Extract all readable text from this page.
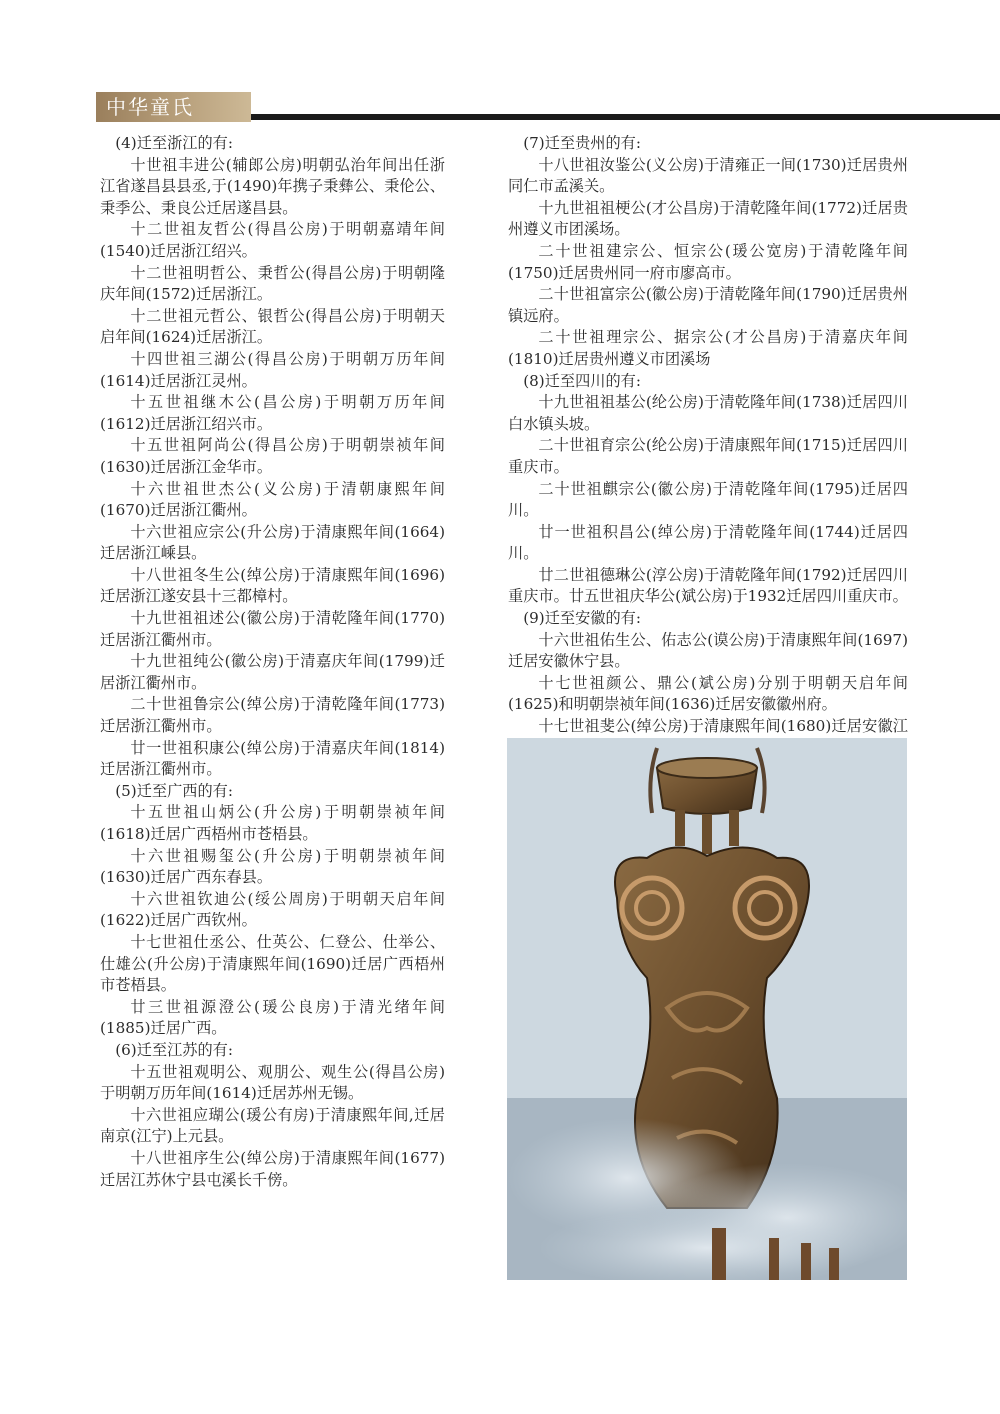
中华童氏

(4)迁至浙江的有:

十世祖丰进公(辅郎公房)明朝弘治年间出任浙江省遂昌县县丞,于(1490)年携子秉彝公、秉伦公、秉季公、秉良公迁居遂昌县。

十二世祖友哲公(得昌公房)于明朝嘉靖年间(1540)迁居浙江绍兴。

十二世祖明哲公、秉哲公(得昌公房)于明朝隆庆年间(1572)迁居浙江。

十二世祖元哲公、银哲公(得昌公房)于明朝天启年间(1624)迁居浙江。

十四世祖三湖公(得昌公房)于明朝万历年间(1614)迁居浙江灵州。

十五世祖继木公(昌公房)于明朝万历年间(1612)迁居浙江绍兴市。

十五世祖阿尚公(得昌公房)于明朝崇祯年间(1630)迁居浙江金华市。

十六世祖世杰公(义公房)于清朝康熙年间(1670)迁居浙江衢州。

十六世祖应宗公(升公房)于清康熙年间(1664)迁居浙江嵊县。

十八世祖冬生公(绰公房)于清康熙年间(1696)迁居浙江遂安县十三都樟村。

十九世祖祖述公(徽公房)于清乾隆年间(1770)迁居浙江衢州市。

十九世祖纯公(徽公房)于清嘉庆年间(1799)迁居浙江衢州市。

二十世祖鲁宗公(绰公房)于清乾隆年间(1773)迁居浙江衢州市。

廿一世祖积康公(绰公房)于清嘉庆年间(1814)迁居浙江衢州市。

(5)迁至广西的有:

十五世祖山炳公(升公房)于明朝崇祯年间(1618)迁居广西梧州市苍梧县。

十六世祖赐玺公(升公房)于明朝崇祯年间(1630)迁居广西东春县。

十六世祖钦迪公(绥公周房)于明朝天启年间(1622)迁居广西钦州。

十七世祖仕丞公、仕英公、仁登公、仕举公、仕雄公(升公房)于清康熙年间(1690)迁居广西梧州市苍梧县。

廿三世祖源澄公(瑗公良房)于清光绪年间(1885)迁居广西。

(6)迁至江苏的有:

十五世祖观明公、观朋公、观生公(得昌公房)于明朝万历年间(1614)迁居苏州无锡。

十六世祖应瑚公(瑗公有房)于清康熙年间,迁居南京(江宁)上元县。

十八世祖序生公(绰公房)于清康熙年间(1677)迁居江苏休宁县屯溪长千傍。

(7)迁至贵州的有:

十八世祖汝鉴公(义公房)于清雍正一间(1730)迁居贵州同仁市孟溪关。

十九世祖祖梗公(才公昌房)于清乾隆年间(1772)迁居贵州遵义市团溪场。

二十世祖建宗公、恒宗公(瑗公宽房)于清乾隆年间(1750)迁居贵州同一府市廖高市。

二十世祖富宗公(徽公房)于清乾隆年间(1790)迁居贵州镇远府。

二十世祖理宗公、据宗公(才公昌房)于清嘉庆年间(1810)迁居贵州遵义市团溪场

(8)迁至四川的有:

十九世祖祖基公(纶公房)于清乾隆年间(1738)迁居四川白水镇头坡。

二十世祖育宗公(纶公房)于清康熙年间(1715)迁居四川重庆市。

二十世祖麒宗公(徽公房)于清乾隆年间(1795)迁居四川。

廿一世祖积昌公(绰公房)于清乾隆年间(1744)迁居四川。

廿二世祖德琳公(淳公房)于清乾隆年间(1792)迁居四川重庆市。廿五世祖庆华公(斌公房)于1932迁居四川重庆市。

(9)迁至安徽的有:

十六世祖佑生公、佑志公(谟公房)于清康熙年间(1697)迁居安徽休宁县。

十七世祖颜公、鼎公(斌公房)分别于明朝天启年间(1625)和明朝崇祯年间(1636)迁居安徽徽州府。

十七世祖斐公(绰公房)于清康熙年间(1680)迁居安徽江
